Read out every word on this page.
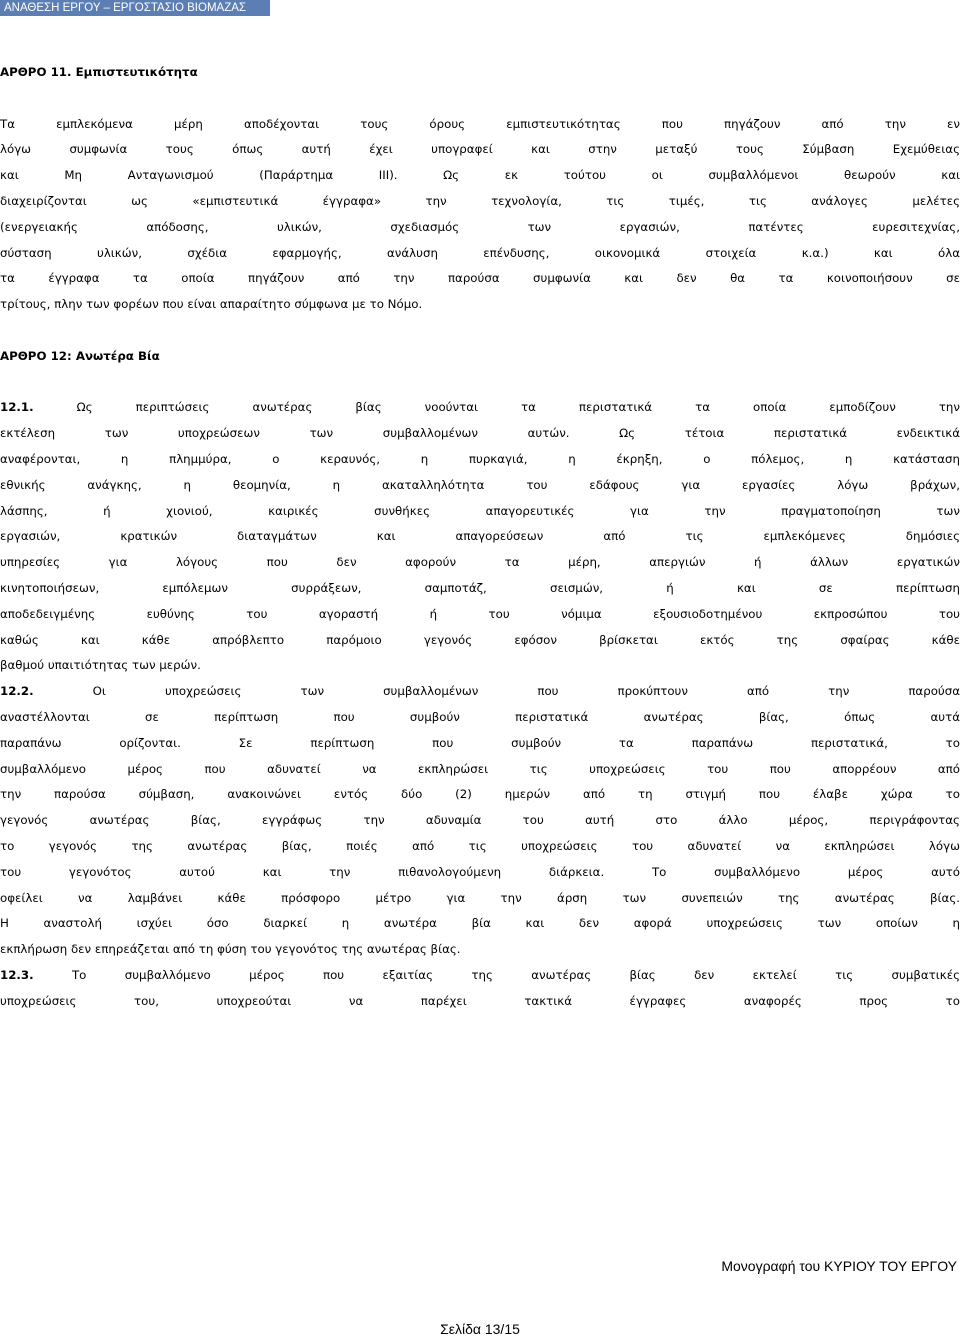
ΑΝΑΘΕΣΗ ΕΡΓΟΥ – ΕΡΓΟΣΤΑΣΙΟ ΒΙΟΜΑΖΑΣ

ΑΡΘΡΟ 11. Εμπιστευτικότητα

Τα εμπλεκόμενα μέρη αποδέχονται τους όρους εμπιστευτικότητας που πηγάζουν από την εν

λόγω συμφωνία τους όπως αυτή έχει υπογραφεί και στην μεταξύ τους Σύμβαση Εχεμύθειας

και Μη Ανταγωνισμού (Παράρτημα ΙΙΙ). Ως εκ τούτου οι συμβαλλόμενοι θεωρούν και

διαχειρίζονται ως «εμπιστευτικά έγγραφα» την τεχνολογία, τις τιμές, τις ανάλογες μελέτες

(ενεργειακής απόδοσης, υλικών, σχεδιασμός των εργασιών, πατέντες ευρεσιτεχνίας,

σύσταση υλικών, σχέδια εφαρμογής, ανάλυση επένδυσης, οικονομικά στοιχεία κ.α.) και όλα

τα έγγραφα τα οποία πηγάζουν από την παρούσα συμφωνία και δεν θα τα κοινοποιήσουν σε

τρίτους, πλην των φορέων που είναι απαραίτητο σύμφωνα με το Νόμο.

ΑΡΘΡΟ 12: Ανωτέρα Βία

12.1.	Ως περιπτώσεις ανωτέρας βίας νοούνται τα περιστατικά τα οποία εμποδίζουν την

εκτέλεση των υποχρεώσεων των συμβαλλομένων αυτών. Ως τέτοια περιστατικά ενδεικτικά

αναφέρονται, η πλημμύρα, ο κεραυνός, η πυρκαγιά, η έκρηξη, ο πόλεμος, η κατάσταση

εθνικής ανάγκης, η θεομηνία, η ακαταλληλότητα του εδάφους για εργασίες λόγω βράχων,

λάσπης, ή χιονιού, καιρικές συνθήκες απαγορευτικές για την πραγματοποίηση των

εργασιών, κρατικών διαταγμάτων και απαγορεύσεων από τις εμπλεκόμενες δημόσιες

υπηρεσίες για λόγους που δεν αφορούν τα μέρη, απεργιών ή άλλων εργατικών

κινητοποιήσεων, εμπόλεμων συρράξεων, σαμποτάζ, σεισμών, ή και σε περίπτωση

αποδεδειγμένης ευθύνης του αγοραστή ή του νόμιμα εξουσιοδοτημένου εκπροσώπου του

καθώς και κάθε απρόβλεπτο παρόμοιο γεγονός εφόσον βρίσκεται εκτός της σφαίρας κάθε

βαθμού υπαιτιότητας των μερών.

12.2.	Οι υποχρεώσεις των συμβαλλομένων που προκύπτουν από την παρούσα

αναστέλλονται σε περίπτωση που συμβούν περιστατικά ανωτέρας βίας, όπως αυτά

παραπάνω ορίζονται. Σε περίπτωση που συμβούν τα παραπάνω περιστατικά, το

συμβαλλόμενο μέρος που αδυνατεί να εκπληρώσει τις υποχρεώσεις του που απορρέουν από

την παρούσα σύμβαση, ανακοινώνει εντός δύο (2) ημερών από τη στιγμή που έλαβε χώρα το

γεγονός ανωτέρας βίας, εγγράφως την αδυναμία του αυτή στο άλλο μέρος, περιγράφοντας

το γεγονός της ανωτέρας βίας, ποιές από τις υποχρεώσεις του αδυνατεί να εκπληρώσει λόγω

του γεγονότος αυτού και την πιθανολογούμενη διάρκεια. Το συμβαλλόμενο μέρος αυτό

οφείλει να λαμβάνει κάθε πρόσφορο μέτρο για την άρση των συνεπειών της ανωτέρας βίας.

Η αναστολή ισχύει όσο διαρκεί η ανωτέρα βία και δεν αφορά υποχρεώσεις των οποίων η

εκπλήρωση δεν επηρεάζεται από τη φύση του γεγονότος της ανωτέρας βίας.

12.3.	Το συμβαλλόμενο μέρος που εξαιτίας της ανωτέρας βίας δεν εκτελεί τις συμβατικές

υποχρεώσεις του, υποχρεούται να παρέχει τακτικά έγγραφες αναφορές προς το

Μονογραφή του ΚΥΡΙΟΥ ΤΟΥ ΕΡΓΟΥ
Σελίδα 13/15
